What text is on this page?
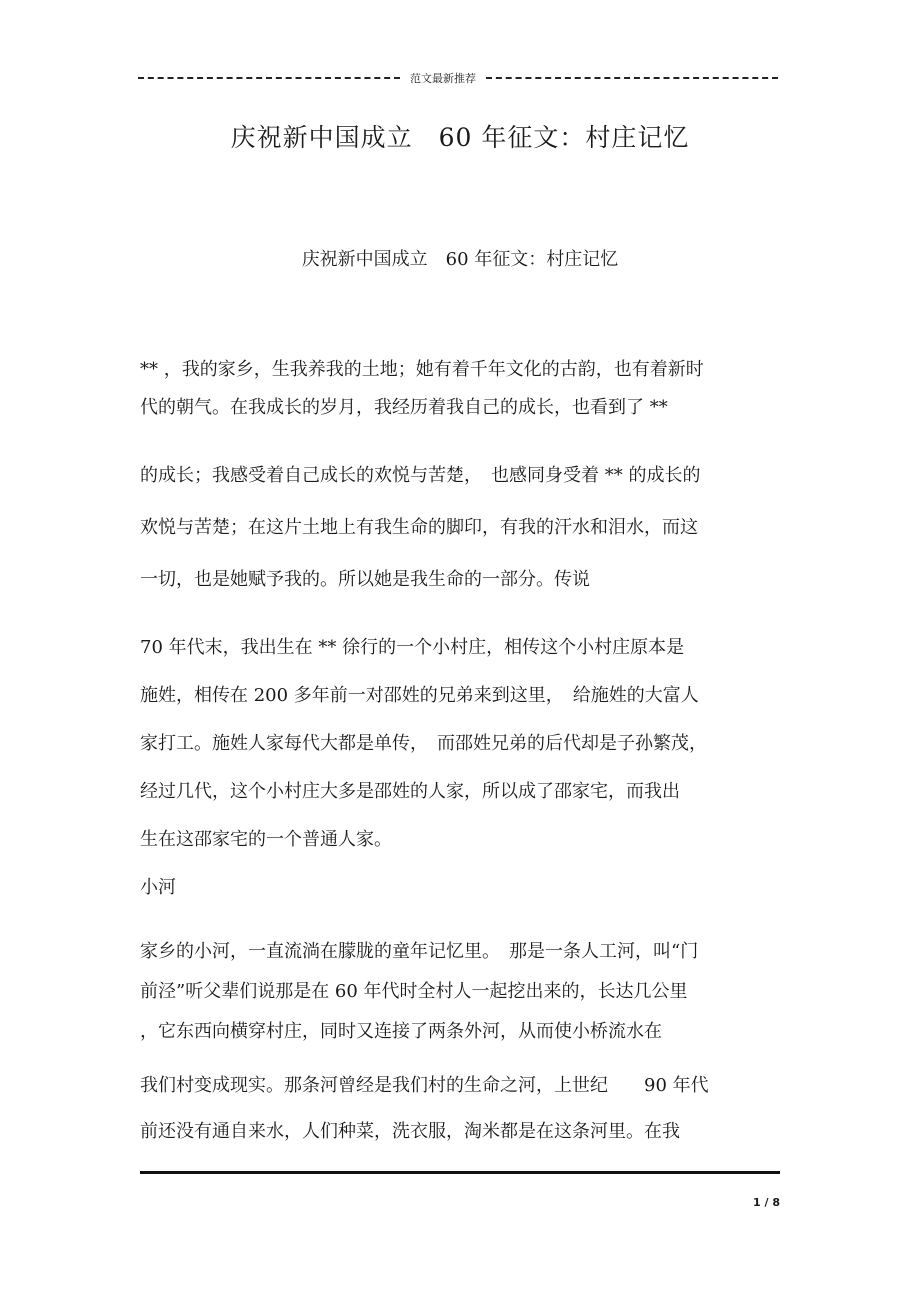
范文最新推荐
庆祝新中国成立　60 年征文：村庄记忆
庆祝新中国成立　60 年征文：村庄记忆
** ，我的家乡，生我养我的土地；她有着千年文化的古韵，也有着新时
代的朝气。在我成长的岁月，我经历着我自己的成长，也看到了 **
的成长；我感受着自己成长的欢悦与苦楚，　也感同身受着 ** 的成长的
欢悦与苦楚；在这片土地上有我生命的脚印，有我的汗水和泪水，而这
一切，也是她赋予我的。所以她是我生命的一部分。传说
70 年代末，我出生在 ** 徐行的一个小村庄，相传这个小村庄原本是
施姓，相传在 200 多年前一对邵姓的兄弟来到这里，　给施姓的大富人
家打工。施姓人家每代大都是单传，　而邵姓兄弟的后代却是子孙繁茂，
经过几代，这个小村庄大多是邵姓的人家，所以成了邵家宅，而我出
生在这邵家宅的一个普通人家。
小河
家乡的小河，一直流淌在朦胧的童年记忆里。　那是一条人工河，叫“门
前泾”听父辈们说那是在 60 年代时全村人一起挖出来的，长达几公里
，它东西向横穿村庄，同时又连接了两条外河，从而使小桥流水在
我们村变成现实。那条河曾经是我们村的生命之河，上世纪　　90 年代
前还没有通自来水，人们种菜，洗衣服，淘米都是在这条河里。在我
1 / 8
